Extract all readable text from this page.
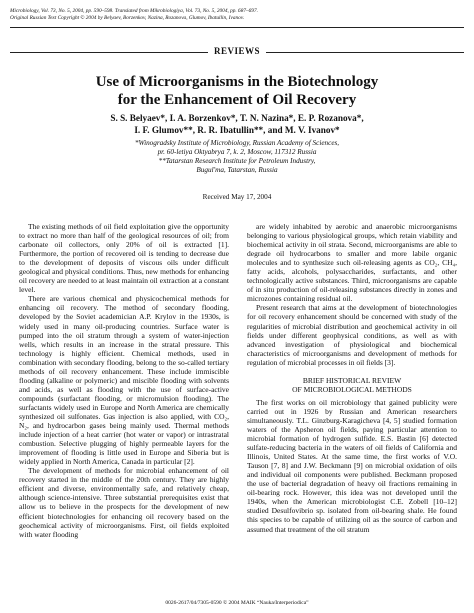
Microbiology, Vol. 73, No. 5, 2004, pp. 590–598. Translated from Mikrobiologiya, Vol. 73, No. 5, 2004, pp. 687–697.
Original Russian Text Copyright © 2004 by Belyaev, Borzenkov, Nazina, Rozanova, Glumov, Ibatullin, Ivanov.
REVIEWS
Use of Microorganisms in the Biotechnology
for the Enhancement of Oil Recovery
S. S. Belyaev*, I. A. Borzenkov*, T. N. Nazina*, E. P. Rozanova*,
I. F. Glumov**, R. R. Ibatullin**, and M. V. Ivanov*
*Winogradsky Institute of Microbiology, Russian Academy of Sciences,
pr. 60-letiya Oktyabrya 7, k. 2, Moscow, 117312 Russia
**Tatarstan Research Institute for Petroleum Industry,
Bugul'ma, Tatarstan, Russia
Received May 17, 2004

The existing methods of oil field exploitation give the opportunity to extract no more than half of the geological resources of oil; from carbonate oil collectors, only 20% of oil is extracted [1]. Furthermore, the portion of recovered oil is tending to decrease due to the development of deposits of viscous oils under difficult geological and physical conditions. Thus, new methods for enhancing oil recovery are needed to at least maintain oil extraction at a constant level.

There are various chemical and physicochemical methods for enhancing oil recovery. The method of secondary flooding, developed by the Soviet academician A.P. Krylov in the 1930s, is widely used in many oil-producing countries. Surface water is pumped into the oil stratum through a system of water-injection wells, which results in an increase in the stratal pressure. This technology is highly efficient. Chemical methods, used in combination with secondary flooding, belong to the so-called tertiary methods of oil recovery enhancement. These include immiscible flooding (alkaline or polymeric) and miscible flooding with solvents and acids, as well as flooding with the use of surface-active compounds (surfactant flooding, or micromulsion flooding). The surfactants widely used in Europe and North America are chemically synthesized oil sulfonates. Gas injection is also applied, with CO₂, N₂, and hydrocarbon gases being mainly used. Thermal methods include injection of a heat carrier (hot water or vapor) or intrastratal combustion. Selective plugging of highly permeable layers for the improvement of flooding is little used in Europe and Siberia but is widely applied in North America, Canada in particular [2].

The development of methods for microbial enhancement of oil recovery started in the middle of the 20th century. They are highly efficient and diverse, environmentally safe, and relatively cheap, although science-intensive. Three substantial prerequisites exist that allow us to believe in the prospects for the development of new efficient biotechnologies for enhancing oil recovery based on the geochemical activity of microorganisms. First, oil fields exploited with water flooding

are widely inhabited by aerobic and anaerobic microorganisms belonging to various physiological groups, which retain viability and biochemical activity in oil strata. Second, microorganisms are able to degrade oil hydrocarbons to smaller and more labile organic molecules and to synthesize such oil-releasing agents as CO₂, CH₄, fatty acids, alcohols, polysaccharides, surfactants, and other technologically active substances. Third, microorganisms are capable of in situ production of oil-releasing substances directly in zones and microzones containing residual oil.

Present research that aims at the development of biotechnologies for oil recovery enhancement should be concerned with study of the regularities of microbial distribution and geochemical activity in oil fields under different geophysical conditions, as well as with advanced investigation of physiological and biochemical characteristics of microorganisms and development of methods for regulation of microbial processes in oil fields [3].

BRIEF HISTORICAL REVIEW
OF MICROBIOLOGICAL METHODS

The first works on oil microbiology that gained publicity were carried out in 1926 by Russian and American researchers simultaneously. T.L. Ginzburg-Karagicheva [4, 5] studied formation waters of the Apsheron oil fields, paying particular attention to microbial formation of hydrogen sulfide. E.S. Bastin [6] detected sulfate-reducing bacteria in the waters of oil fields of California and Illinois, United States. At the same time, the first works of V.O. Tauson [7, 8] and J.W. Beckmann [9] on microbial oxidation of oils and individual oil components were published. Beckmann proposed the use of bacterial degradation of heavy oil fractions remaining in oil-bearing rock. However, this idea was not developed until the 1940s, when the American microbiologist C.E. Zobell [10–12] studied Desulfovibrio sp. isolated from oil-bearing shale. He found this species to be capable of utilizing oil as the source of carbon and assumed that treatment of the oil stratum

0026-2617/04/7305-0590 © 2004 MAIK “Nauka/Interperiodica”
